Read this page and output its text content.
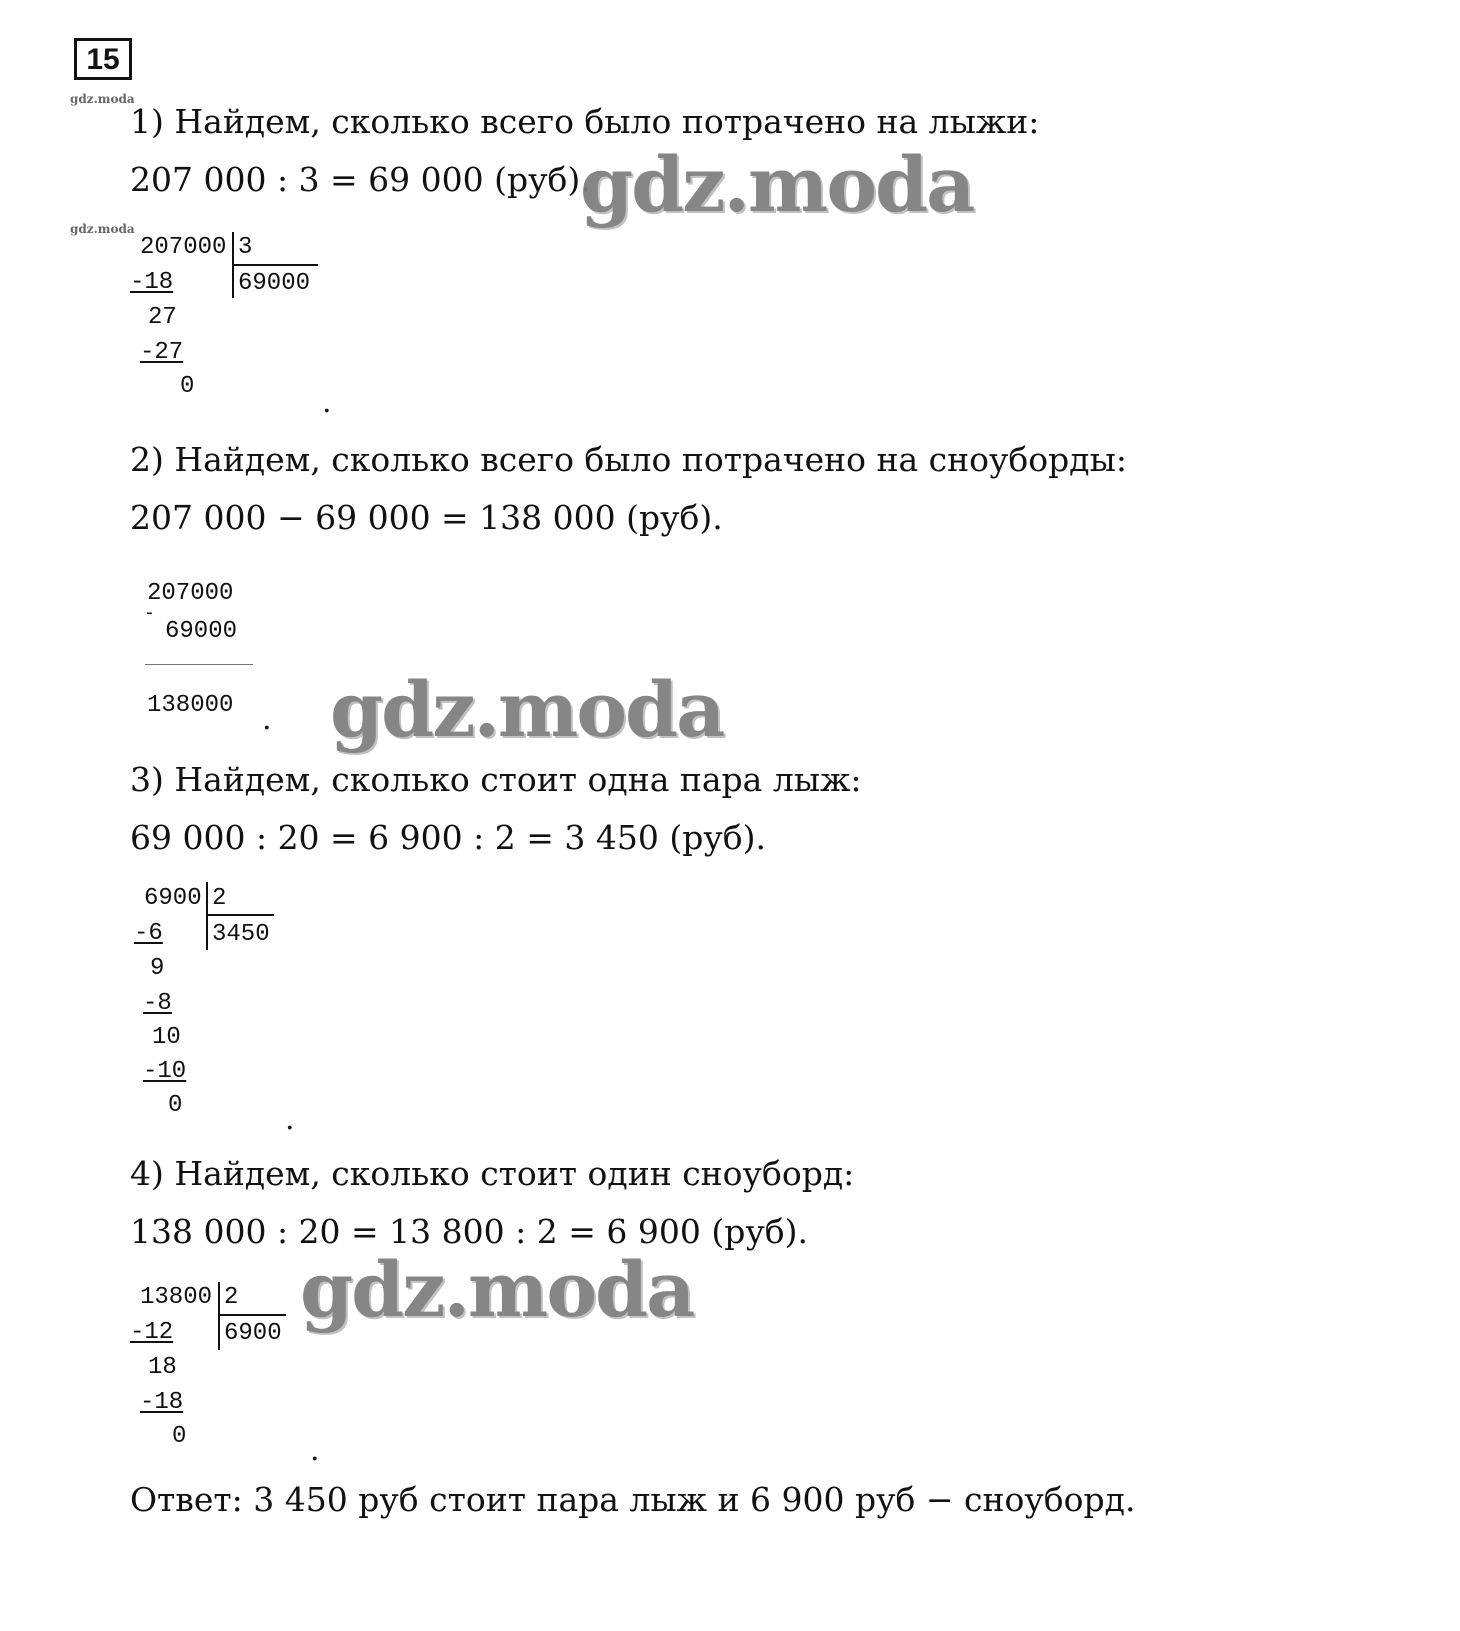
15
gdz.moda
gdz.moda
1) Найдем, сколько всего было потрачено на лыжи:
207 000 : 3 = 69 000 (руб).
207000 3
69000
-18
27
-27
0	.
2) Найдем, сколько всего было потрачено на сноуборды:
207 000 − 69 000 = 138 000 (руб).
207000
-
69000
138000 .
3) Найдем, сколько стоит одна пара лыж:
69 000 : 20 = 6 900 : 2 = 3 450 (руб).
6900 2
3450
-6
9
-8
10
-10
0	.
4) Найдем, сколько стоит один сноуборд:
138 000 : 20 = 13 800 : 2 = 6 900 (руб).
13800 2
6900
-12
18
-18
0	.
Ответ: 3 450 руб стоит пара лыж и 6 900 руб − сноуборд.
gdz.moda
gdz.moda
gdz.moda
